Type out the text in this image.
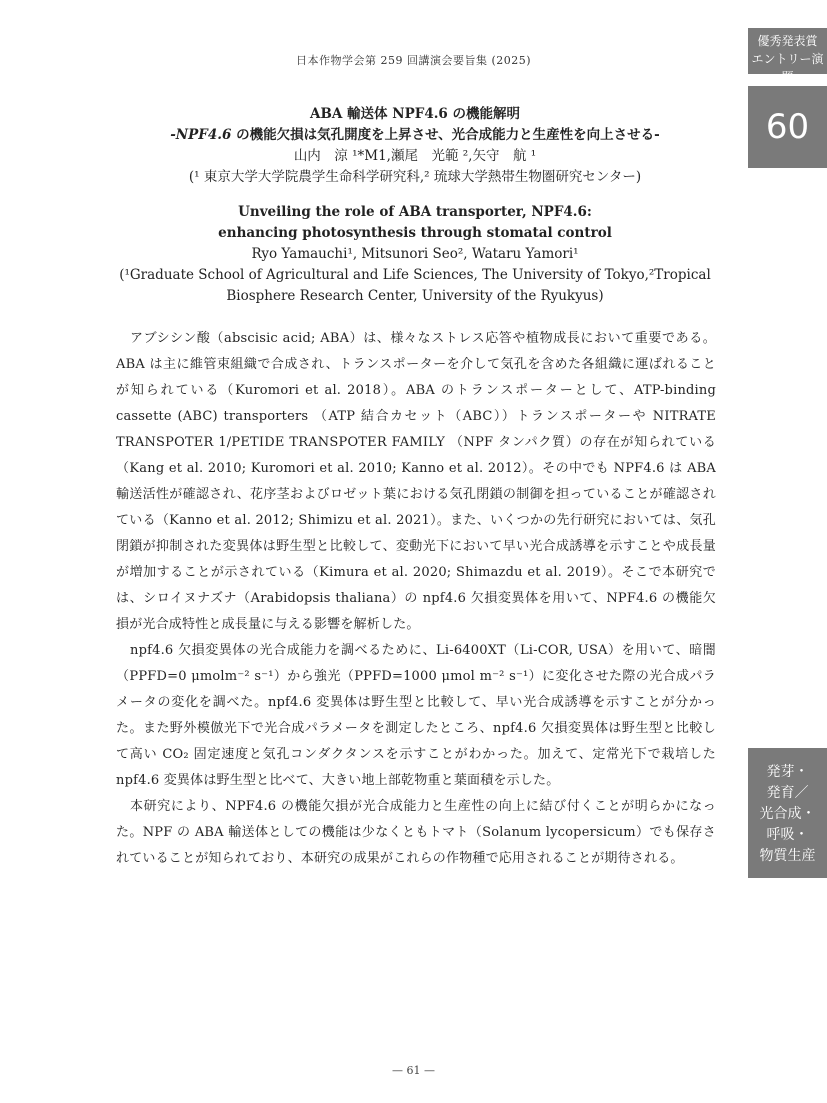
日本作物学会第 259 回講演会要旨集 (2025)
優秀発表賞
エントリー演題
60
発芽・
発育／
光合成・
呼吸・
物質生産

ABA 輸送体 NPF4.6 の機能解明

-NPF4.6 の機能欠損は気孔開度を上昇させ、光合成能力と生産性を向上させる-

山内　涼 ¹*M1,瀬尾　光範 ²,矢守　航 ¹

(¹ 東京大学大学院農学生命科学研究科,² 琉球大学熱帯生物圏研究センター)

Unveiling the role of ABA transporter, NPF4.6:

enhancing photosynthesis through stomatal control

Ryo Yamauchi¹, Mitsunori Seo², Wataru Yamori¹

(¹Graduate School of Agricultural and Life Sciences, The University of Tokyo,²Tropical

Biosphere Research Center, University of the Ryukyus)

アブシシン酸（abscisic acid; ABA）は、様々なストレス応答や植物成長において重要である。ABA は主に維管束組織で合成され、トランスポーターを介して気孔を含めた各組織に運ばれることが知られている（Kuromori et al. 2018）。ABA のトランスポーターとして、ATP-binding cassette (ABC) transporters （ATP 結合カセット（ABC））トランスポーターや NITRATE TRANSPOTER 1/PETIDE TRANSPOTER FAMILY （NPF タンパク質）の存在が知られている（Kang et al. 2010; Kuromori et al. 2010; Kanno et al. 2012）。その中でも NPF4.6 は ABA 輸送活性が確認され、花序茎およびロゼット葉における気孔閉鎖の制御を担っていることが確認されている（Kanno et al. 2012; Shimizu et al. 2021）。また、いくつかの先行研究においては、気孔閉鎖が抑制された変異体は野生型と比較して、変動光下において早い光合成誘導を示すことや成長量が増加することが示されている（Kimura et al. 2020; Shimazdu et al. 2019）。そこで本研究では、シロイヌナズナ（Arabidopsis thaliana）の npf4.6 欠損変異体を用いて、NPF4.6 の機能欠損が光合成特性と成長量に与える影響を解析した。

npf4.6 欠損変異体の光合成能力を調べるために、Li-6400XT（Li-COR, USA）を用いて、暗闇（PPFD=0 μmolm⁻² s⁻¹）から強光（PPFD=1000 μmol m⁻² s⁻¹）に変化させた際の光合成パラメータの変化を調べた。npf4.6 変異体は野生型と比較して、早い光合成誘導を示すことが分かった。また野外模倣光下で光合成パラメータを測定したところ、npf4.6 欠損変異体は野生型と比較して高い CO₂ 固定速度と気孔コンダクタンスを示すことがわかった。加えて、定常光下で栽培した npf4.6 変異体は野生型と比べて、大きい地上部乾物重と葉面積を示した。

本研究により、NPF4.6 の機能欠損が光合成能力と生産性の向上に結び付くことが明らかになった。NPF の ABA 輸送体としての機能は少なくともトマト（Solanum lycopersicum）でも保存されていることが知られており、本研究の成果がこれらの作物種で応用されることが期待される。

— 61 —
